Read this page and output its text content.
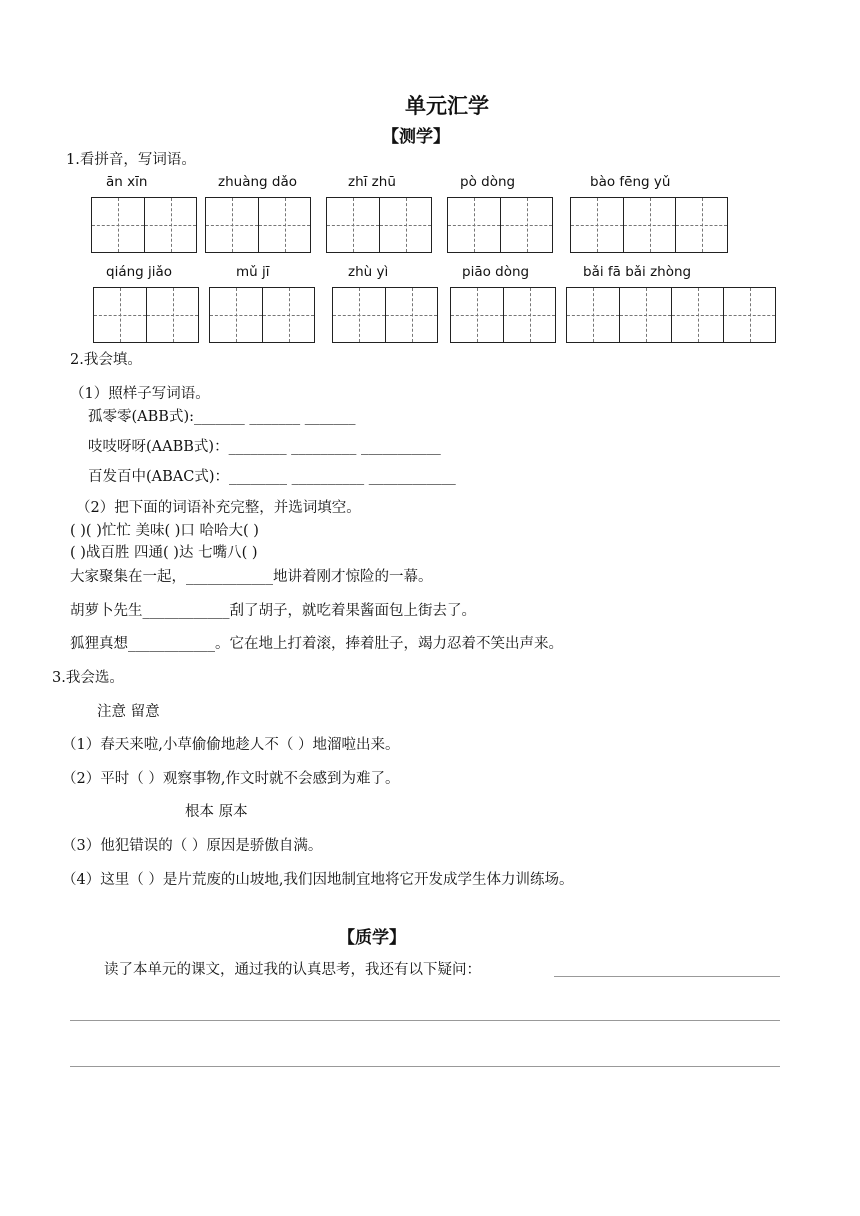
单元汇学
【测学】
1.看拼音，写词语。
ān xīn	zhuàng dǎo	zhī zhū	pò dòng	bào fēng yǔ
qiáng jiǎo	mǔ jī	zhù yì	piāo dòng	bǎi fā bǎi zhòng
2.我会填。
（1）照样子写词语。
孤零零(ABB式):_______ _______ _______
吱吱呀呀(AABB式)：________ _________ ___________
百发百中(ABAC式)：________ __________ ____________
（2）把下面的词语补充完整，并选词填空。
( )( )忙忙 美味( )口 哈哈大( )
( )战百胜 四通( )达 七嘴八( )
大家聚集在一起，____________地讲着刚才惊险的一幕。
胡萝卜先生____________刮了胡子，就吃着果酱面包上街去了。
狐狸真想____________。它在地上打着滚，捧着肚子，竭力忍着不笑出声来。
3.我会选。
注意 留意
（1）春天来啦,小草偷偷地趁人不（ ）地溜啦出来。
（2）平时（ ）观察事物,作文时就不会感到为难了。
根本 原本
（3）他犯错误的（ ）原因是骄傲自满。
（4）这里（ ）是片荒废的山坡地,我们因地制宜地将它开发成学生体力训练场。
【质学】
读了本单元的课文，通过我的认真思考，我还有以下疑问：
